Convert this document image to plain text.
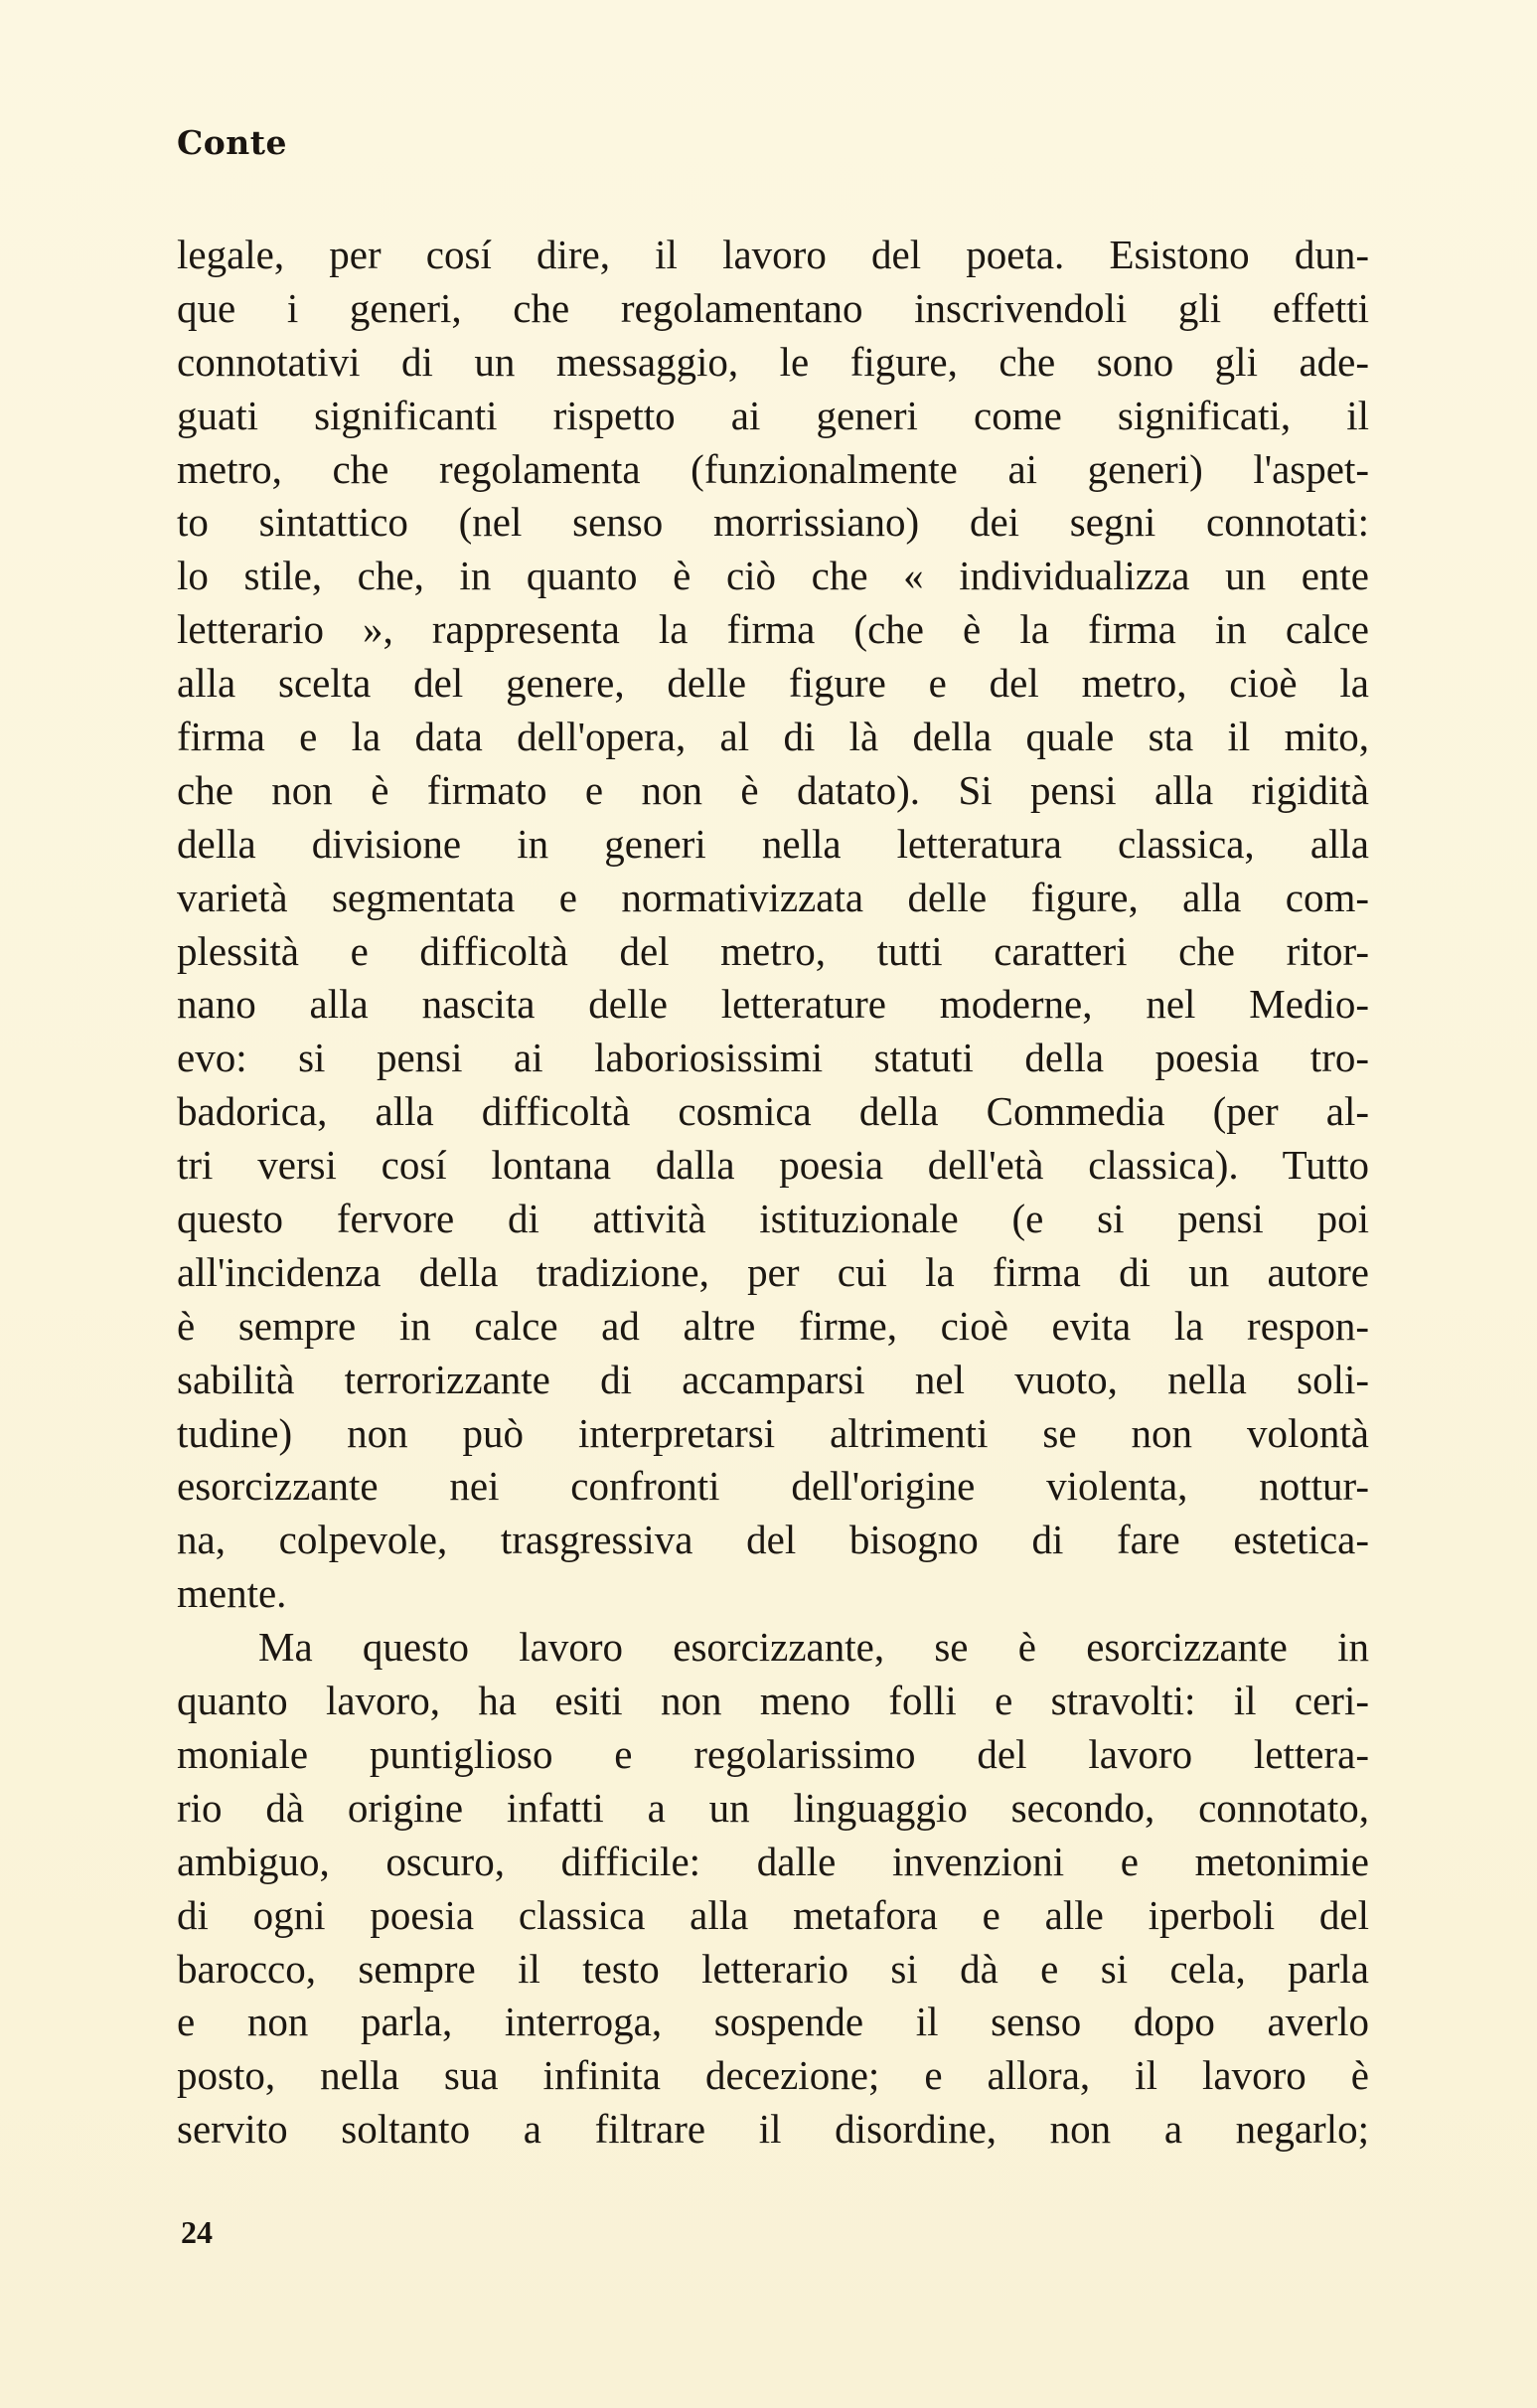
Conte
legale, per cosí dire, il lavoro del poeta. Esistono dun-
que i generi, che regolamentano inscrivendoli gli effetti
connotativi di un messaggio, le figure, che sono gli ade-
guati significanti rispetto ai generi come significati, il
metro, che regolamenta (funzionalmente ai generi) l'aspet-
to sintattico (nel senso morrissiano) dei segni connotati:
lo stile, che, in quanto è ciò che « individualizza un ente
letterario », rappresenta la firma (che è la firma in calce
alla scelta del genere, delle figure e del metro, cioè la
firma e la data dell'opera, al di là della quale sta il mito,
che non è firmato e non è datato). Si pensi alla rigidità
della divisione in generi nella letteratura classica, alla
varietà segmentata e normativizzata delle figure, alla com-
plessità e difficoltà del metro, tutti caratteri che ritor-
nano alla nascita delle letterature moderne, nel Medio-
evo: si pensi ai laboriosissimi statuti della poesia tro-
badorica, alla difficoltà cosmica della Commedia (per al-
tri versi cosí lontana dalla poesia dell'età classica). Tutto
questo fervore di attività istituzionale (e si pensi poi
all'incidenza della tradizione, per cui la firma di un autore
è sempre in calce ad altre firme, cioè evita la respon-
sabilità terrorizzante di accamparsi nel vuoto, nella soli-
tudine) non può interpretarsi altrimenti se non volontà
esorcizzante nei confronti dell'origine violenta, nottur-
na, colpevole, trasgressiva del bisogno di fare estetica-
mente.
Ma questo lavoro esorcizzante, se è esorcizzante in
quanto lavoro, ha esiti non meno folli e stravolti: il ceri-
moniale puntiglioso e regolarissimo del lavoro lettera-
rio dà origine infatti a un linguaggio secondo, connotato,
ambiguo, oscuro, difficile: dalle invenzioni e metonimie
di ogni poesia classica alla metafora e alle iperboli del
barocco, sempre il testo letterario si dà e si cela, parla
e non parla, interroga, sospende il senso dopo averlo
posto, nella sua infinita decezione; e allora, il lavoro è
servito soltanto a filtrare il disordine, non a negarlo;
24
